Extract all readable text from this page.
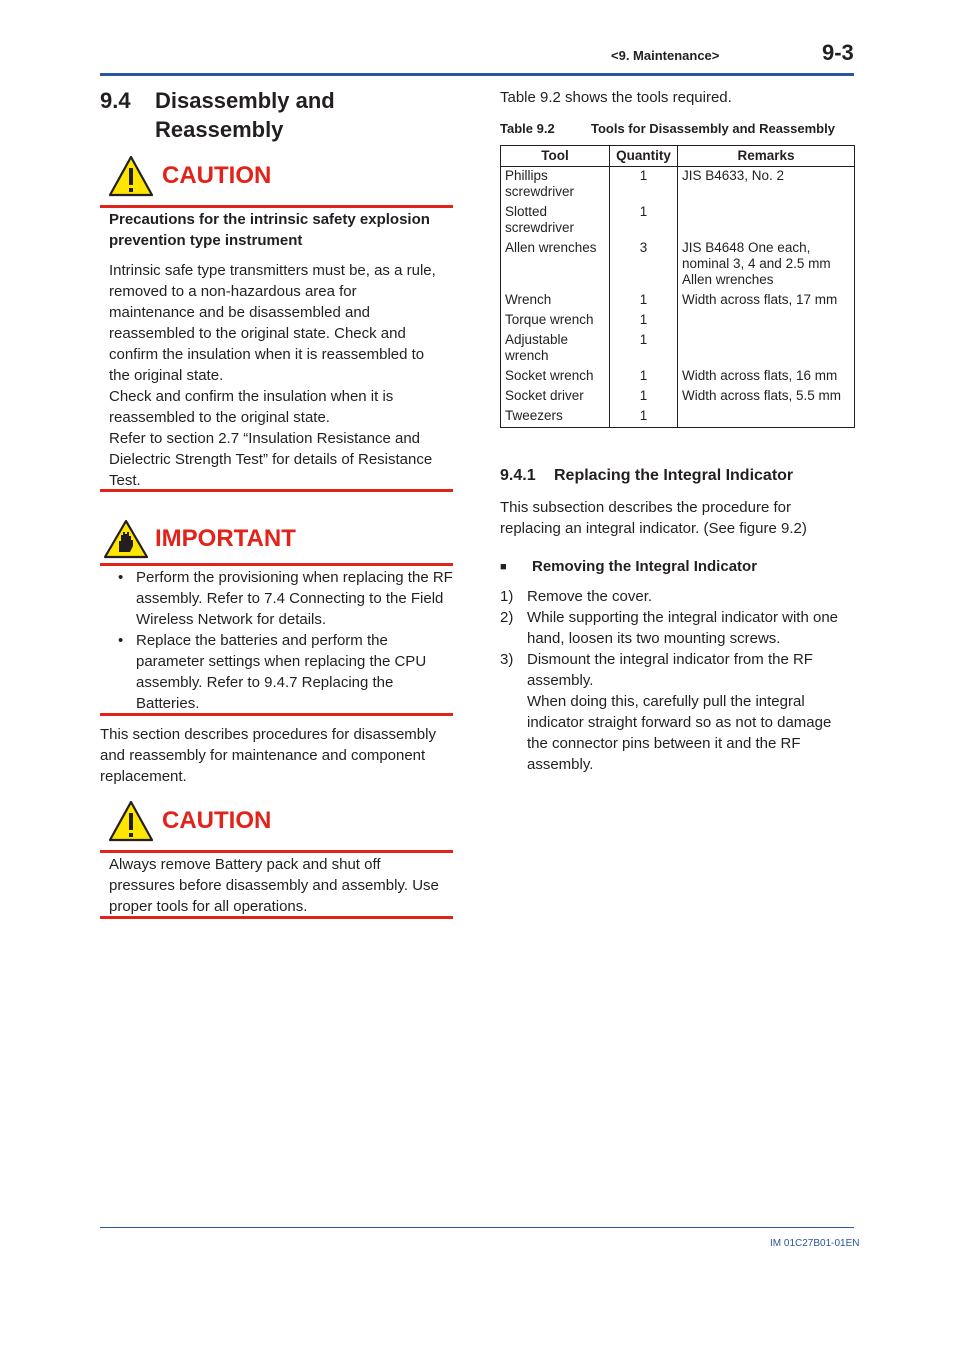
<9. Maintenance>	9-3
9.4 Disassembly and Reassembly
CAUTION
Precautions for the intrinsic safety explosion prevention type instrument
Intrinsic safe type transmitters must be, as a rule, removed to a non-hazardous area for maintenance and be disassembled and reassembled to the original state. Check and confirm the insulation when it is reassembled to the original state.
Check and confirm the insulation when it is reassembled to the original state.
Refer to section 2.7 “Insulation Resistance and Dielectric Strength Test” for details of Resistance Test.
IMPORTANT
• Perform the provisioning when replacing the RF assembly. Refer to 7.4 Connecting to the Field Wireless Network for details.
• Replace the batteries and perform the parameter settings when replacing the CPU assembly. Refer to 9.4.7 Replacing the Batteries.
This section describes procedures for disassembly and reassembly for maintenance and component replacement.
CAUTION
Always remove Battery pack and shut off pressures before disassembly and assembly. Use proper tools for all operations.
Table 9.2 shows the tools required.
Table 9.2	Tools for Disassembly and Reassembly
Tool	Quantity	Remarks
Phillips screwdriver	1	JIS B4633, No. 2
Slotted screwdriver	1	
Allen wrenches	3	JIS B4648 One each, nominal 3, 4 and 2.5 mm Allen wrenches
Wrench	1	Width across flats, 17 mm
Torque wrench	1	
Adjustable wrench	1	
Socket wrench	1	Width across flats, 16 mm
Socket driver	1	Width across flats, 5.5 mm
Tweezers	1	
9.4.1 Replacing the Integral Indicator
This subsection describes the procedure for replacing an integral indicator. (See figure 9.2)
■ Removing the Integral Indicator
1) Remove the cover.
2) While supporting the integral indicator with one hand, loosen its two mounting screws.
3) Dismount the integral indicator from the RF assembly.
When doing this, carefully pull the integral indicator straight forward so as not to damage the connector pins between it and the RF assembly.
IM 01C27B01-01EN
